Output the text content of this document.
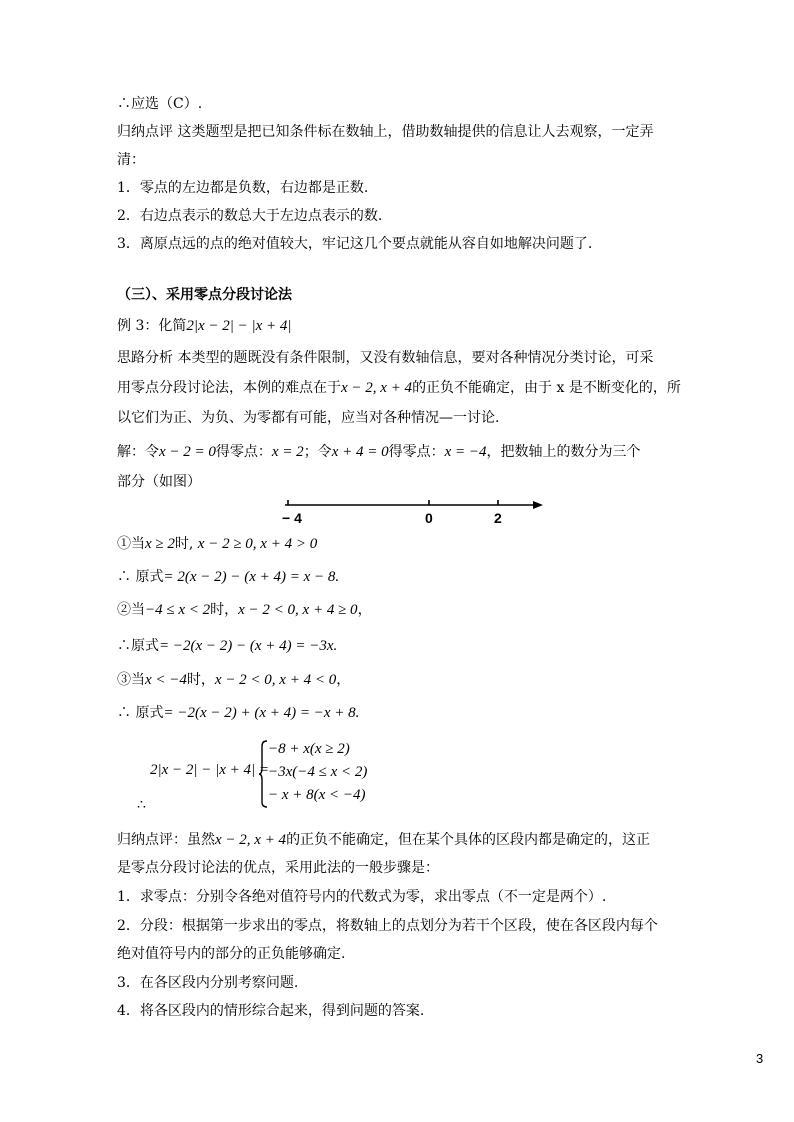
∴应选（C）.
归纳点评 这类题型是把已知条件标在数轴上，借助数轴提供的信息让人去观察，一定弄
清：
1．零点的左边都是负数，右边都是正数.
2．右边点表示的数总大于左边点表示的数.
3．离原点远的点的绝对值较大，牢记这几个要点就能从容自如地解决问题了.
（三）、采用零点分段讨论法
例 3：化简2|x − 2| − |x + 4|
思路分析 本类型的题既没有条件限制，又没有数轴信息，要对各种情况分类讨论，可采
用零点分段讨论法，本例的难点在于x − 2, x + 4的正负不能确定，由于 x 是不断变化的，所
以它们为正、为负、为零都有可能，应当对各种情况—一讨论.
解：令x − 2 = 0得零点：x = 2；令x + 4 = 0得零点：x = −4，把数轴上的数分为三个
部分（如图）
− 4	0	2
①当x ≥ 2时, x − 2 ≥ 0, x + 4 > 0
∴ 原式= 2(x − 2) − (x + 4) = x − 8.
②当−4 ≤ x < 2时，x − 2 < 0, x + 4 ≥ 0，
∴原式= −2(x − 2) − (x + 4) = −3x.
③当x < −4时，x − 2 < 0, x + 4 < 0，
∴ 原式= −2(x − 2) + (x + 4) = −x + 8.
2|x − 2| − |x + 4| =
−8 + x(x ≥ 2)
−3x(−4 ≤ x < 2)
− x + 8(x < −4)
∴
归纳点评：虽然x − 2, x + 4的正负不能确定，但在某个具体的区段内都是确定的，这正
是零点分段讨论法的优点，采用此法的一般步骤是：
1．求零点：分别令各绝对值符号内的代数式为零，求出零点（不一定是两个）.
2．分段：根据第一步求出的零点，将数轴上的点划分为若干个区段，使在各区段内每个
绝对值符号内的部分的正负能够确定.
3．在各区段内分别考察问题.
4．将各区段内的情形综合起来，得到问题的答案.
3
